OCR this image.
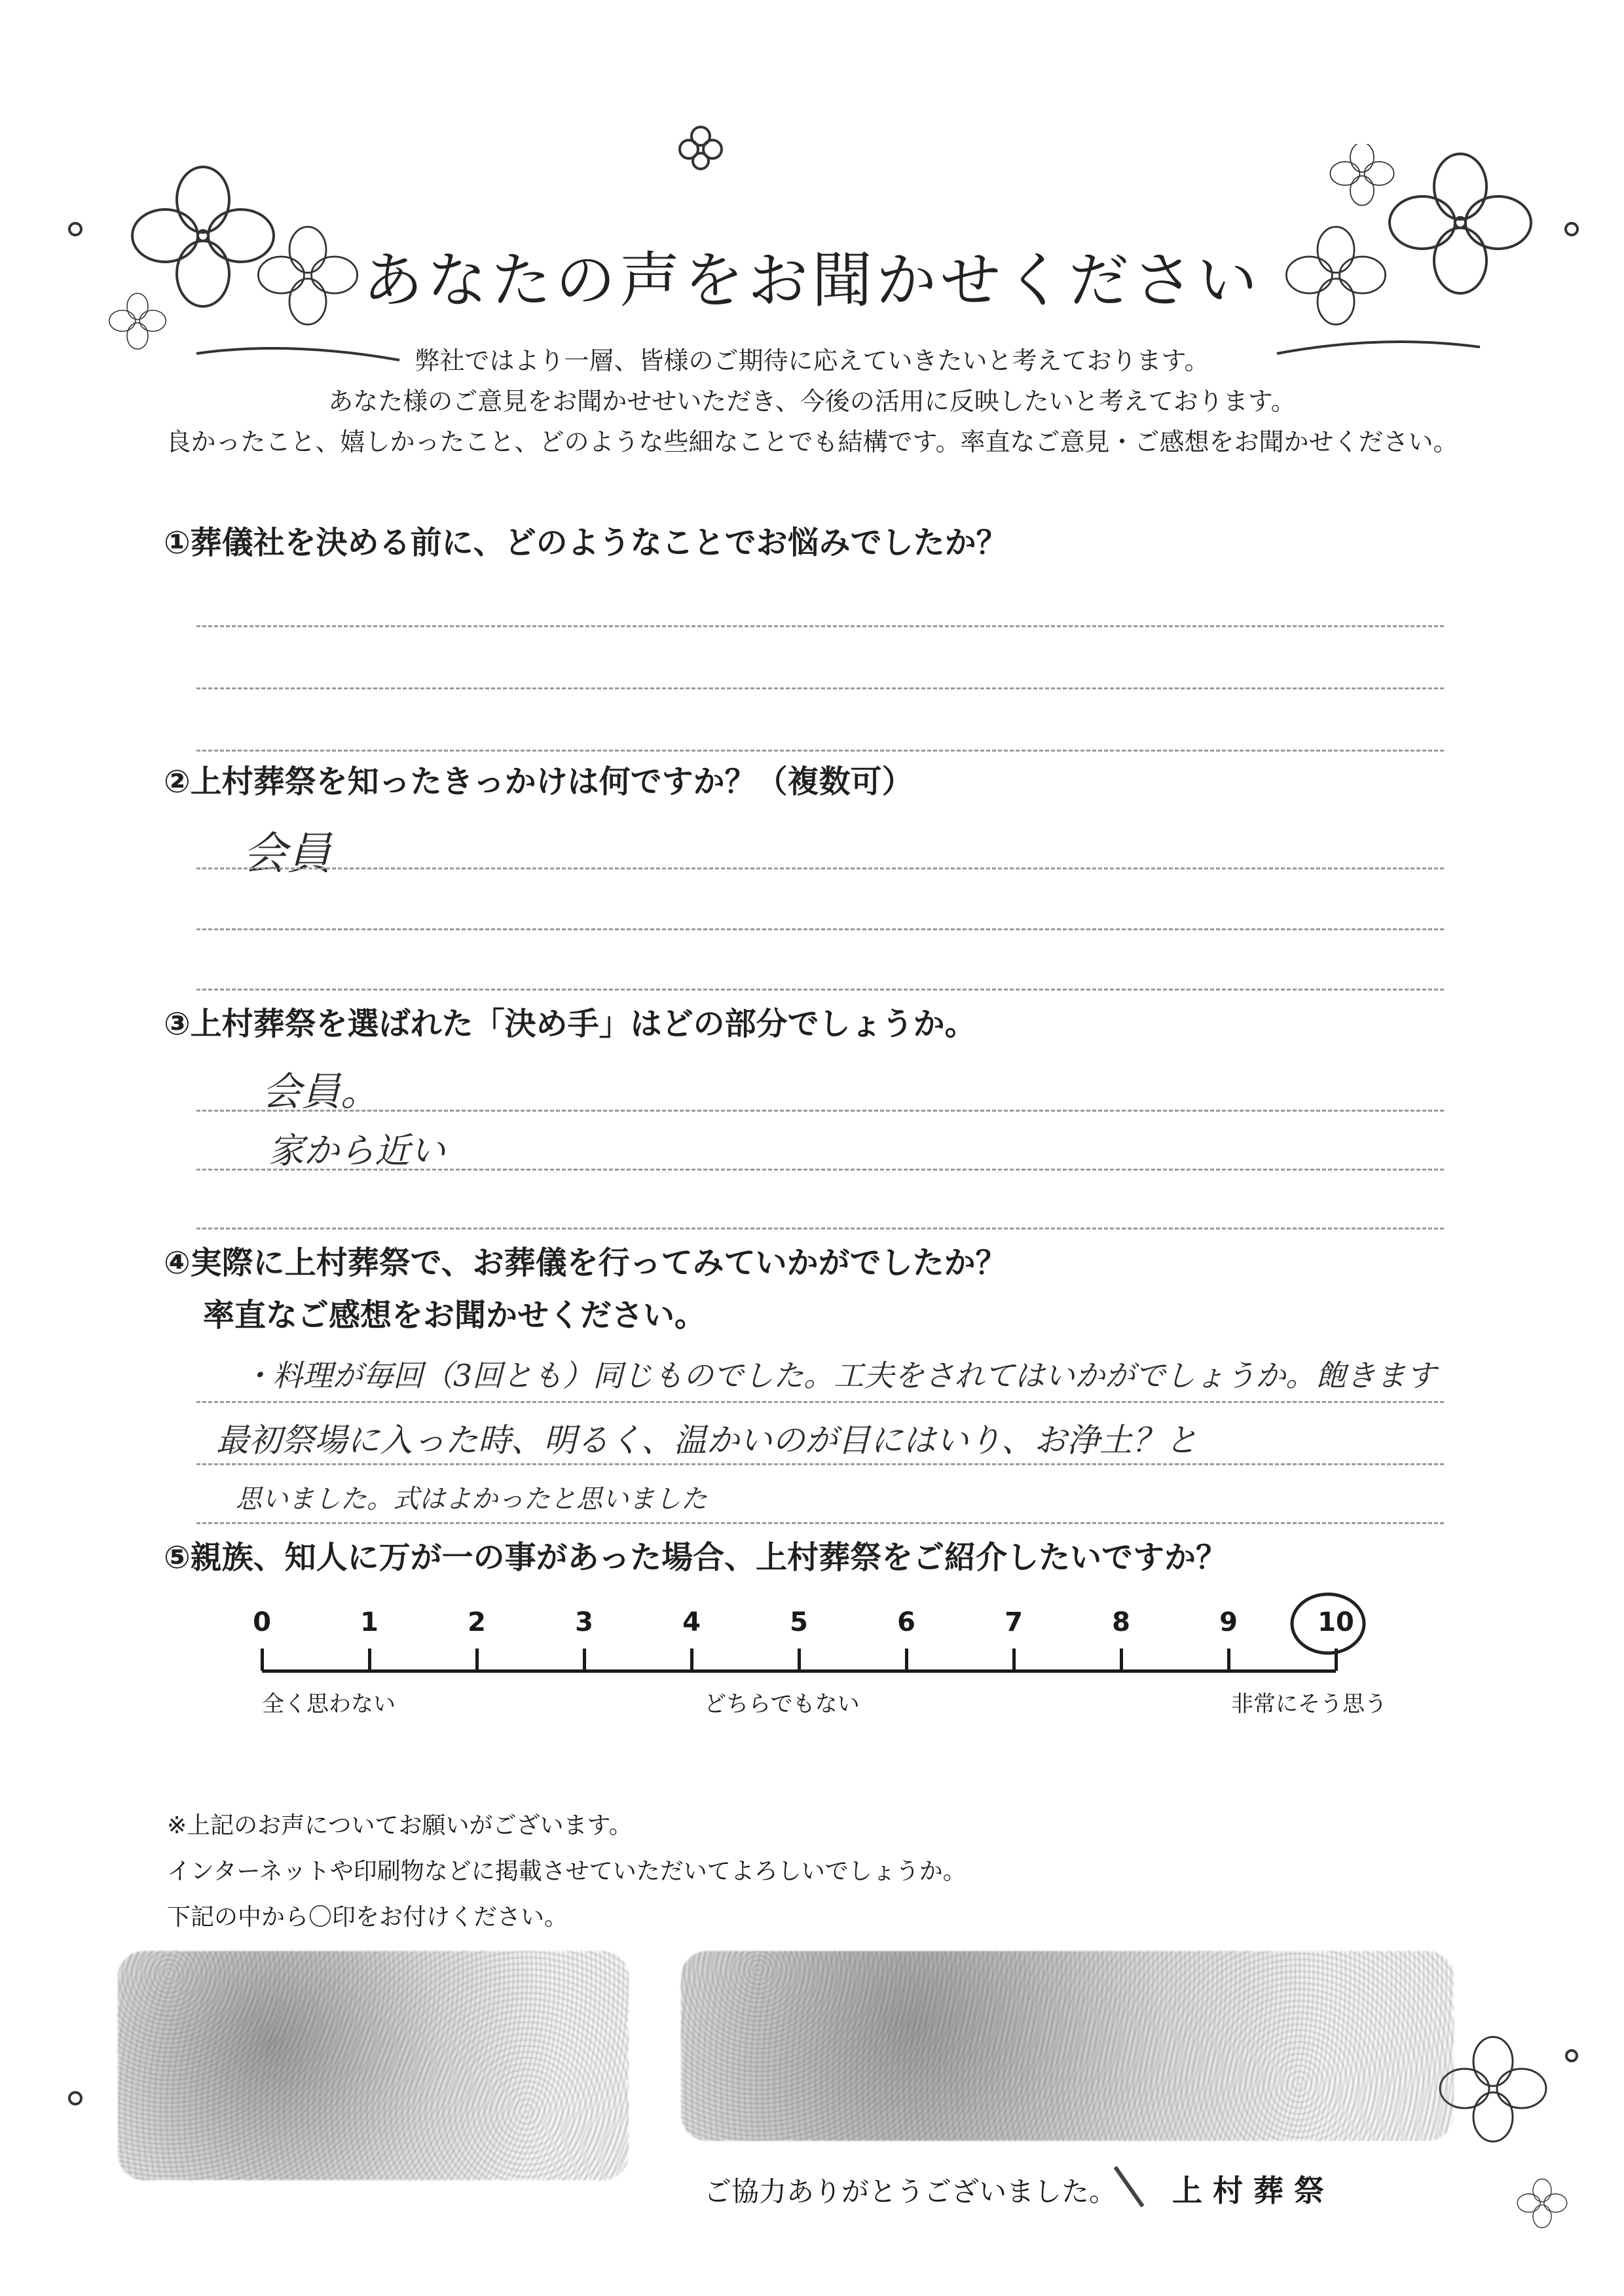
あなたの声をお聞かせください
弊社ではより一層、皆様のご期待に応えていきたいと考えております。
あなた様のご意見をお聞かせせいただき、今後の活用に反映したいと考えております。
良かったこと、嬉しかったこと、どのような些細なことでも結構です。率直なご意見・ご感想をお聞かせください。
①葬儀社を決める前に、どのようなことでお悩みでしたか？
②上村葬祭を知ったきっかけは何ですか？（複数可）
会員
③上村葬祭を選ばれた「決め手」はどの部分でしょうか。
会員。
家から近い
④実際に上村葬祭で、お葬儀を行ってみていかがでしたか？
率直なご感想をお聞かせください。
・料理が毎回（3回とも）同じものでした。工夫をされてはいかがでしょうか。飽きます
最初祭場に入った時、明るく、温かいのが目にはいり、お浄土？と
思いました。式はよかったと思いました
⑤親族、知人に万が一の事があった場合、上村葬祭をご紹介したいですか？
0	1	2	3	4	5	6	7	8	9	10
全く思わない	どちらでもない	非常にそう思う
※上記のお声についてお願いがございます。
インターネットや印刷物などに掲載させていただいてよろしいでしょうか。
下記の中から〇印をお付けください。
ご協力ありがとうございました。 上 村 葬 祭
